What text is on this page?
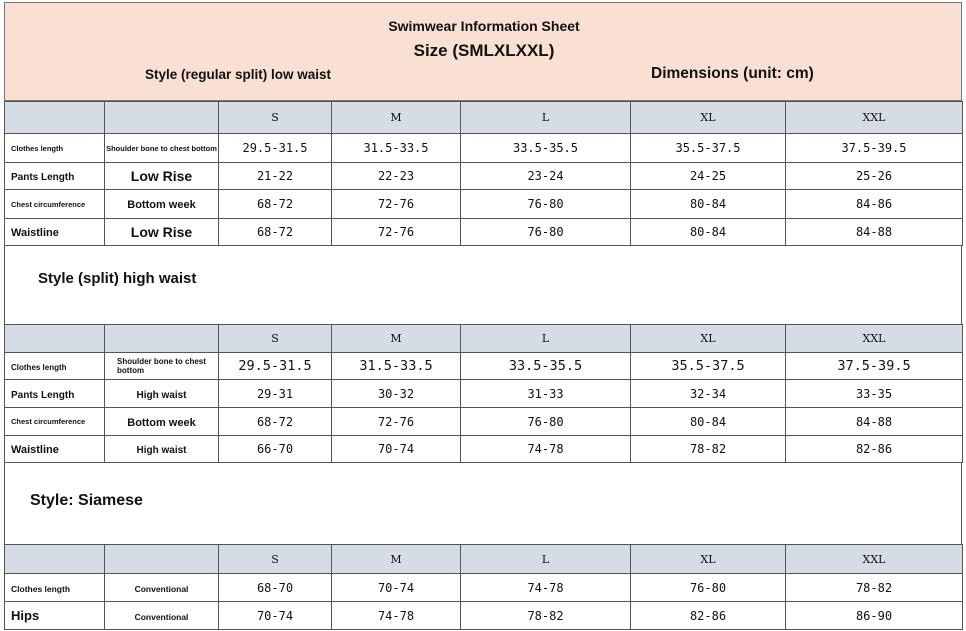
Swimwear Information Sheet
Size (SMLXLXXL)
Style (regular split) low waist	Dimensions (unit: cm)
		S	M	L	XL	XXL

Clothes length	Shoulder bone to chest bottom	29.5-31.5	31.5-33.5	33.5-35.5	35.5-37.5	37.5-39.5
Pants Length	Low Rise	21-22	22-23	23-24	24-25	25-26

Chest circumference	Bottom week	68-72	72-76	76-80	80-84	84-86
Waistline	Low Rise	68-72	72-76	76-80	80-84	84-88
Style (split) high waist
		S	M	L	XL	XXL
Clothes length	Shoulder bone to chest bottom	29.5-31.5	31.5-33.5	33.5-35.5	35.5-37.5	37.5-39.5
Pants Length	High waist	29-31	30-32	31-33	32-34	33-35

Chest circumference	Bottom week	68-72	72-76	76-80	80-84	84-88
Waistline	High waist	66-70	70-74	74-78	78-82	82-86
Style: Siamese
		S	M	L	XL	XXL
Clothes length	Conventional	68-70	70-74	74-78	76-80	78-82
Hips	Conventional	70-74	74-78	78-82	82-86	86-90
